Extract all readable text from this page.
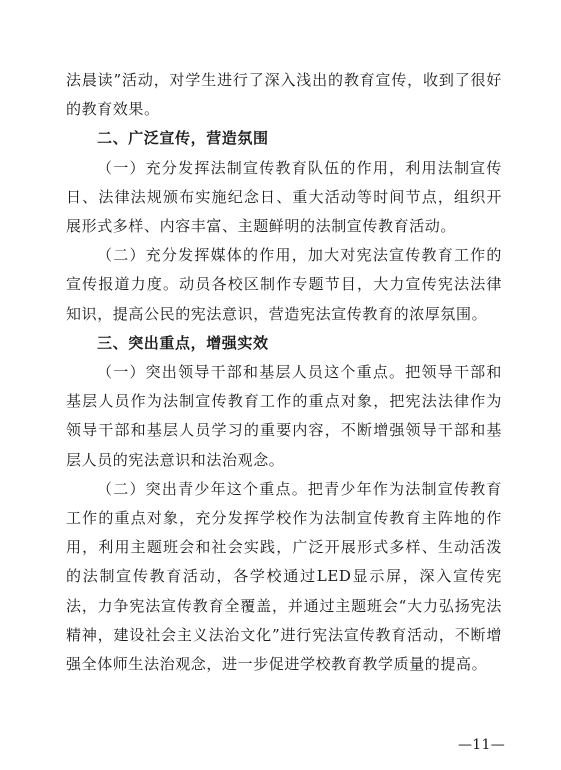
法晨读”活动，对学生进行了深入浅出的教育宣传，收到了很好的教育效果。

二、广泛宣传，营造氛围

（一）充分发挥法制宣传教育队伍的作用，利用法制宣传日、法律法规颁布实施纪念日、重大活动等时间节点，组织开展形式多样、内容丰富、主题鲜明的法制宣传教育活动。

（二）充分发挥媒体的作用，加大对宪法宣传教育工作的宣传报道力度。动员各校区制作专题节目，大力宣传宪法法律知识，提高公民的宪法意识，营造宪法宣传教育的浓厚氛围。

三、突出重点，增强实效

（一）突出领导干部和基层人员这个重点。把领导干部和基层人员作为法制宣传教育工作的重点对象，把宪法法律作为领导干部和基层人员学习的重要内容，不断增强领导干部和基层人员的宪法意识和法治观念。

（二）突出青少年这个重点。把青少年作为法制宣传教育工作的重点对象，充分发挥学校作为法制宣传教育主阵地的作用，利用主题班会和社会实践，广泛开展形式多样、生动活泼的法制宣传教育活动，各学校通过LED显示屏，深入宣传宪法，力争宪法宣传教育全覆盖，并通过主题班会“大力弘扬宪法精神，建设社会主义法治文化”进行宪法宣传教育活动，不断增强全体师生法治观念，进一步促进学校教育教学质量的提高。

—11—
